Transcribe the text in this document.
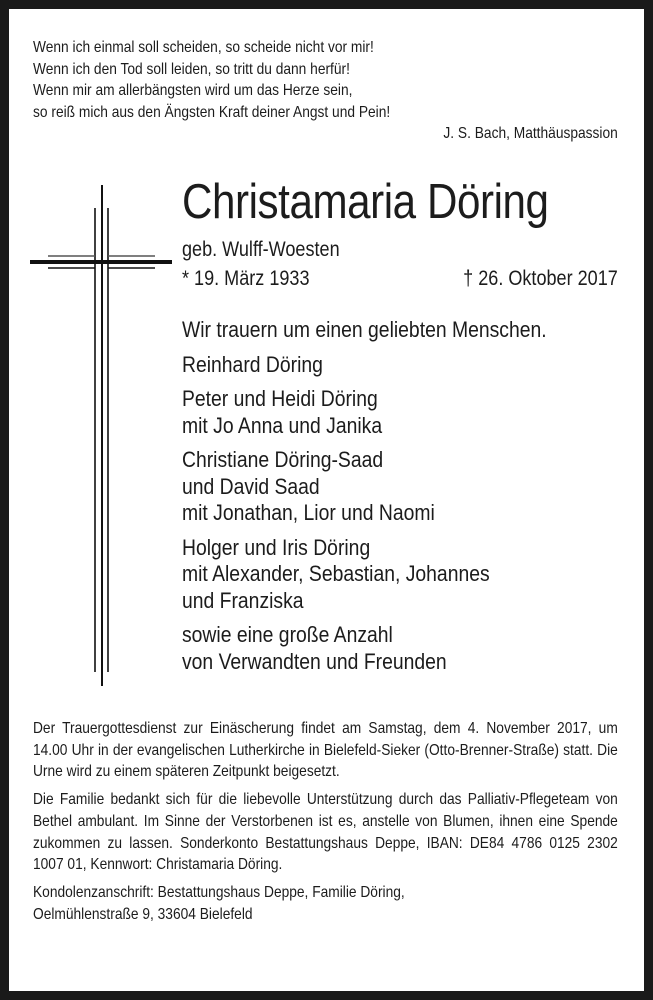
Wenn ich einmal soll scheiden, so scheide nicht vor mir!
Wenn ich den Tod soll leiden, so tritt du dann herfür!
Wenn mir am allerbängsten wird um das Herze sein,
so reiß mich aus den Ängsten Kraft deiner Angst und Pein!
J. S. Bach, Matthäuspassion
Christamaria Döring
geb. Wulff-Woesten
* 19. März 1933	† 26. Oktober 2017
Wir trauern um einen geliebten Menschen.
Reinhard Döring
Peter und Heidi Döring
mit Jo Anna und Janika
Christiane Döring-Saad
und David Saad
mit Jonathan, Lior und Naomi
Holger und Iris Döring
mit Alexander, Sebastian, Johannes
und Franziska
sowie eine große Anzahl
von Verwandten und Freunden

Der Trauergottesdienst zur Einäscherung findet am Samstag, dem 4. November 2017, um 14.00 Uhr in der evangelischen Lutherkirche in Bielefeld-Sieker (Otto-Brenner-Straße) statt. Die Urne wird zu einem späteren Zeitpunkt beigesetzt.

Die Familie bedankt sich für die liebevolle Unterstützung durch das Palliativ-Pflegeteam von Bethel ambulant. Im Sinne der Verstorbenen ist es, anstelle von Blumen, ihnen eine Spende zukommen zu lassen. Sonderkonto Bestattungshaus Deppe, IBAN: DE84 4786 0125 2302 1007 01, Kennwort: Christamaria Döring.

Kondolenzanschrift: Bestattungshaus Deppe, Familie Döring,

Oelmühlenstraße 9, 33604 Bielefeld
